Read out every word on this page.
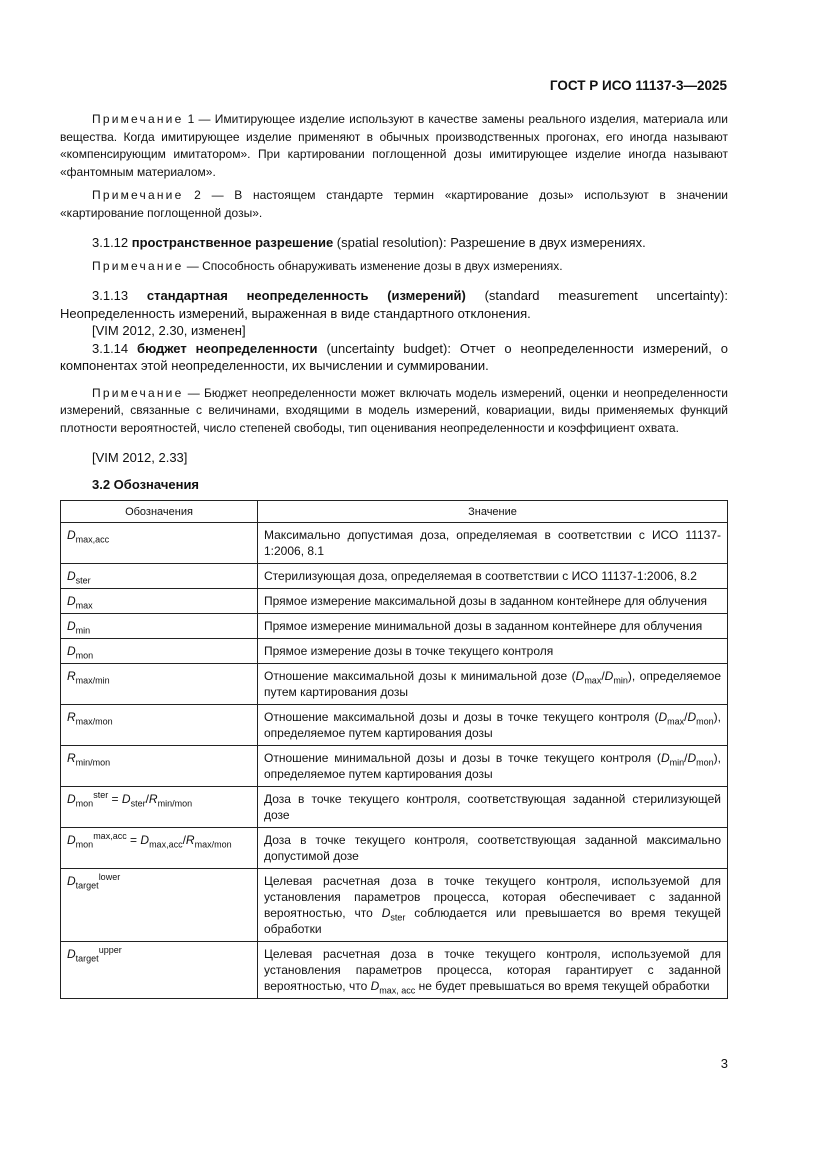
ГОСТ Р ИСО 11137-3—2025

Примечание 1 — Имитирующее изделие используют в качестве замены реального изделия, материала или вещества. Когда имитирующее изделие применяют в обычных производственных прогонах, его иногда называют «компенсирующим имитатором». При картировании поглощенной дозы имитирующее изделие иногда называют «фантомным материалом».

Примечание 2 — В настоящем стандарте термин «картирование дозы» используют в значении «картирование поглощенной дозы».

3.1.12 пространственное разрешение (spatial resolution): Разрешение в двух измерениях.

Примечание — Способность обнаруживать изменение дозы в двух измерениях.

3.1.13 стандартная неопределенность (измерений) (standard measurement uncertainty): Неопределенность измерений, выраженная в виде стандартного отклонения.

[VIM 2012, 2.30, изменен]

3.1.14 бюджет неопределенности (uncertainty budget): Отчет о неопределенности измерений, о компонентах этой неопределенности, их вычислении и суммировании.

Примечание — Бюджет неопределенности может включать модель измерений, оценки и неопределенности измерений, связанные с величинами, входящими в модель измерений, ковариации, виды применяемых функций плотности вероятностей, число степеней свободы, тип оценивания неопределенности и коэффициент охвата.

[VIM 2012, 2.33]

3.2 Обозначения

Обозначения	Значение
$D_{max,acc}$	Максимально допустимая доза, определяемая в соответствии с ИСО 11137-1:2006, 8.1
$D_{ster}$	Стерилизующая доза, определяемая в соответствии с ИСО 11137-1:2006, 8.2
$D_{max}$	Прямое измерение максимальной дозы в заданном контейнере для облучения
$D_{min}$	Прямое измерение минимальной дозы в заданном контейнере для облучения
$D_{mon}$	Прямое измерение дозы в точке текущего контроля
$R_{max/min}$	Отношение максимальной дозы к минимальной дозе $(D_{max}/D_{min})$, определяемое путем картирования дозы
$R_{max/mon}$	Отношение максимальной дозы и дозы в точке текущего контроля $(D_{max}/D_{mon})$, определяемое путем картирования дозы
$R_{min/mon}$	Отношение минимальной дозы и дозы в точке текущего контроля $(D_{min}/D_{mon})$, определяемое путем картирования дозы
$D_{mon}^{ster} = D_{ster}/R_{min/mon}$	Доза в точке текущего контроля, соответствующая заданной стерилизующей дозе
$D_{mon}^{max,acc} = D_{max,acc}/R_{max/mon}$	Доза в точке текущего контроля, соответствующая заданной максимально допустимой дозе
$D_{target}^{lower}$	Целевая расчетная доза в точке текущего контроля, используемой для установления параметров процесса, которая обеспечивает с заданной вероятностью, что $D_{ster}$ соблюдается или превышается во время текущей обработки
$D_{target}^{upper}$	Целевая расчетная доза в точке текущего контроля, используемой для установления параметров процесса, которая гарантирует с заданной вероятностью, что $D_{max, acc}$ не будет превышаться во время текущей обработки
3
